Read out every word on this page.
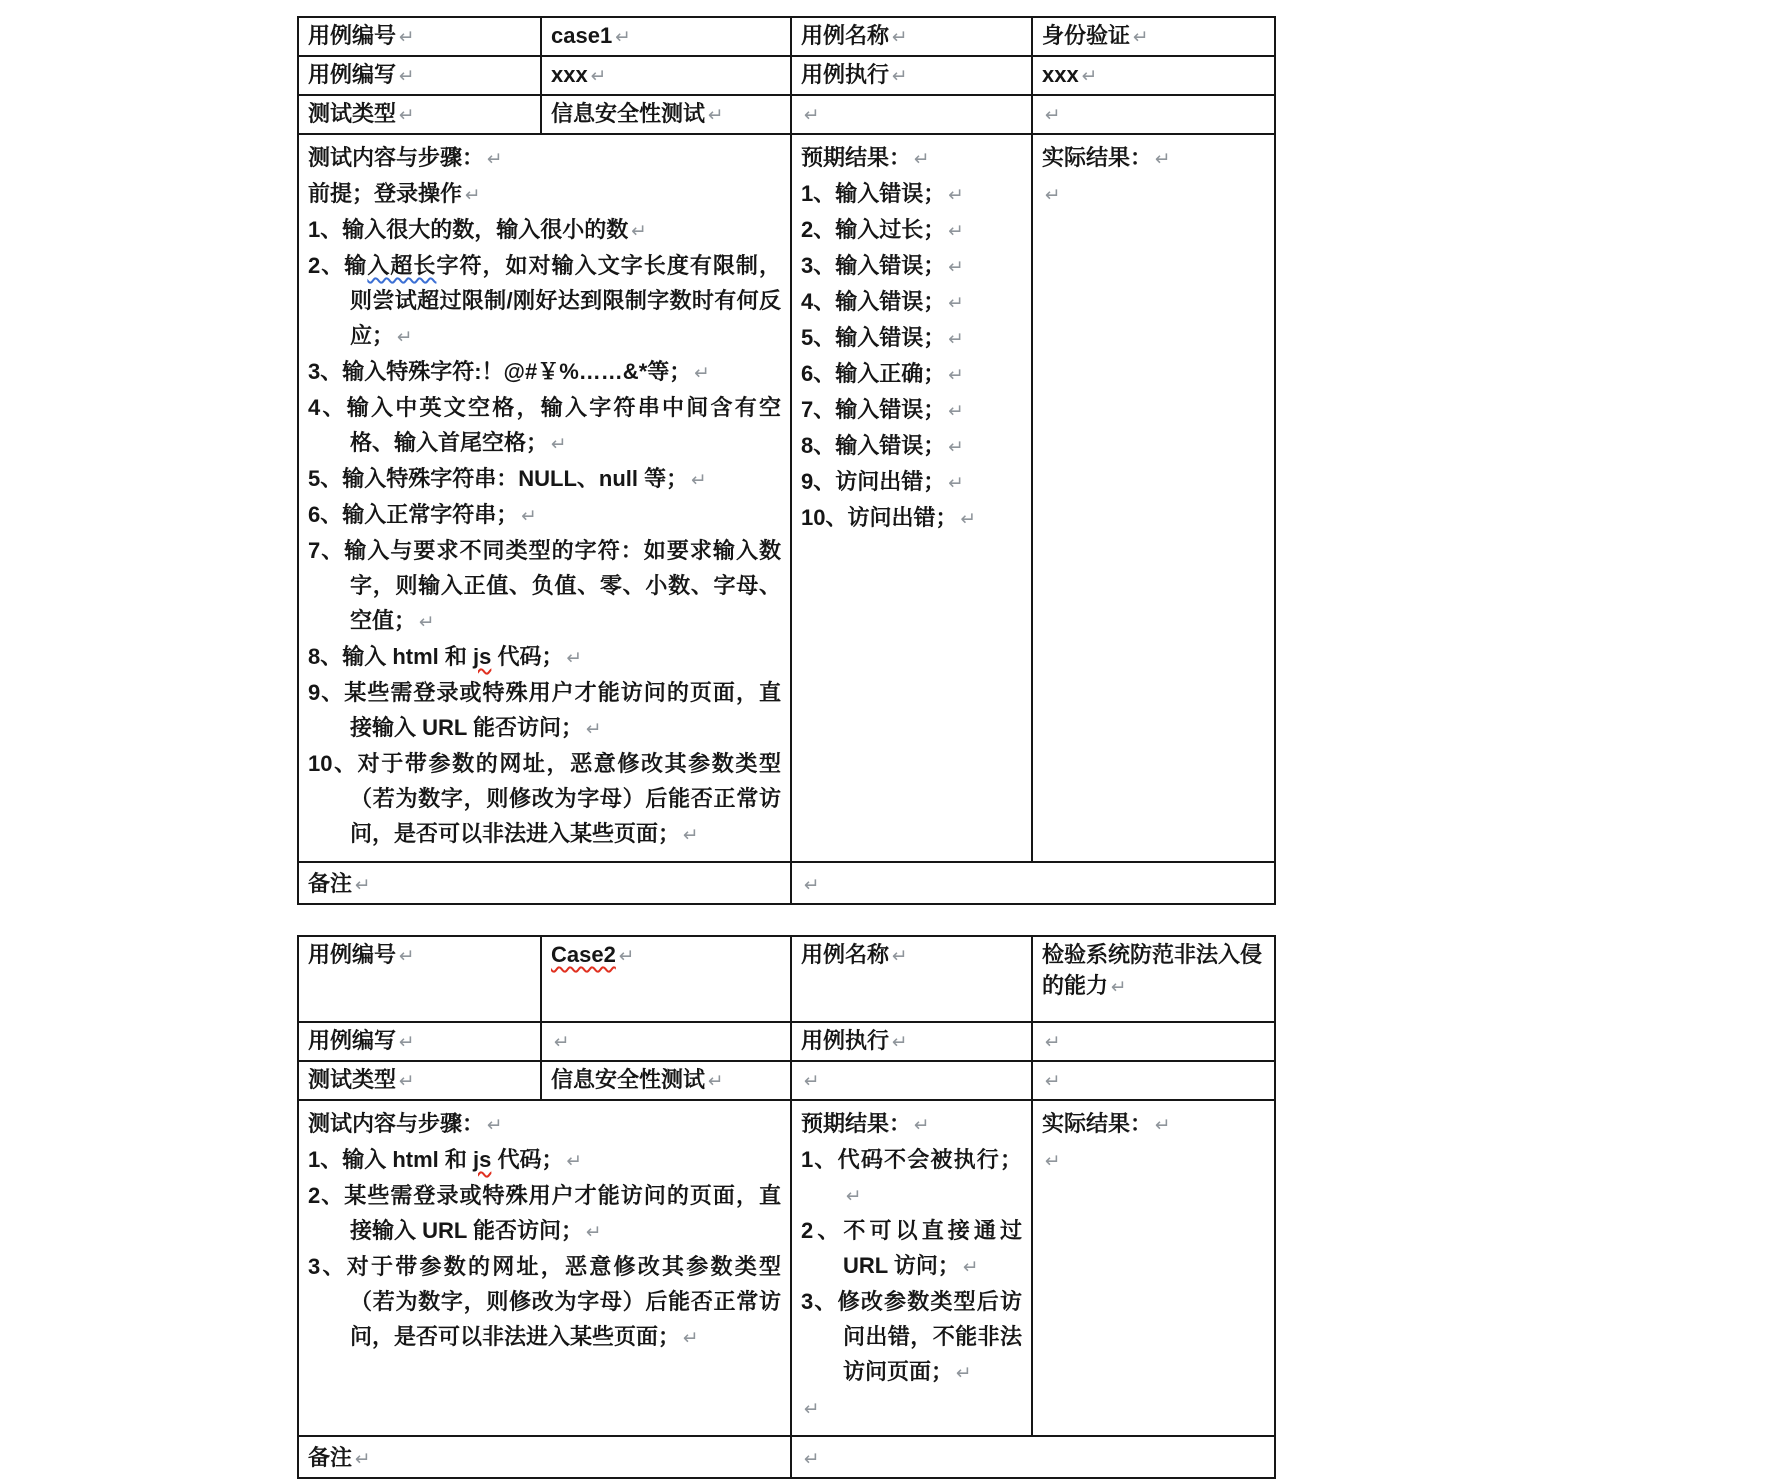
用例编号 ↵	case1 ↵	用例名称 ↵	身份验证 ↵
用例编写 ↵	xxx ↵	用例执行 ↵	xxx ↵
测试类型 ↵	信息安全性测试 ↵	↵	↵

测试内容与步骤： ↵
前提；登录操作 ↵
1、输入很大的数，输入很小的数 ↵
2、输入超长字符，如对输入文字长度有限制，则尝试超过限制/刚好达到限制字数时有何反应； ↵
3、输入特殊字符:！@#￥%……&*等； ↵
4、输入中英文空格，输入字符串中间含有空格、输入首尾空格； ↵
5、输入特殊字符串：NULL、null 等； ↵
6、输入正常字符串； ↵
7、输入与要求不同类型的字符：如要求输入数字，则输入正值、负值、零、小数、字母、空值； ↵
8、输入 html 和 js 代码； ↵
9、某些需登录或特殊用户才能访问的页面，直接输入 URL 能否访问； ↵
10、对于带参数的网址，恶意修改其参数类型（若为数字，则修改为字母）后能否正常访问，是否可以非法进入某些页面； ↵

预期结果： ↵
1、输入错误； ↵
2、输入过长； ↵
3、输入错误； ↵
4、输入错误； ↵
5、输入错误； ↵
6、输入正确； ↵
7、输入错误； ↵
8、输入错误； ↵
9、访问出错； ↵
10、访问出错； ↵

实际结果： ↵
↵

备注 ↵	↵
用例编号 ↵	Case2 ↵	用例名称 ↵	检验系统防范非法入侵的能力 ↵
用例编写 ↵	↵	用例执行 ↵	↵
测试类型 ↵	信息安全性测试 ↵	↵	↵

测试内容与步骤： ↵
1、输入 html 和 js 代码； ↵
2、某些需登录或特殊用户才能访问的页面，直接输入 URL 能否访问； ↵
3、对于带参数的网址，恶意修改其参数类型（若为数字，则修改为字母）后能否正常访问，是否可以非法进入某些页面； ↵

预期结果： ↵
1、代码不会被执行； ↵
2、不可以直接通过 URL 访问； ↵
3、修改参数类型后访问出错，不能非法访问页面； ↵
↵

实际结果： ↵
↵

备注 ↵	↵
